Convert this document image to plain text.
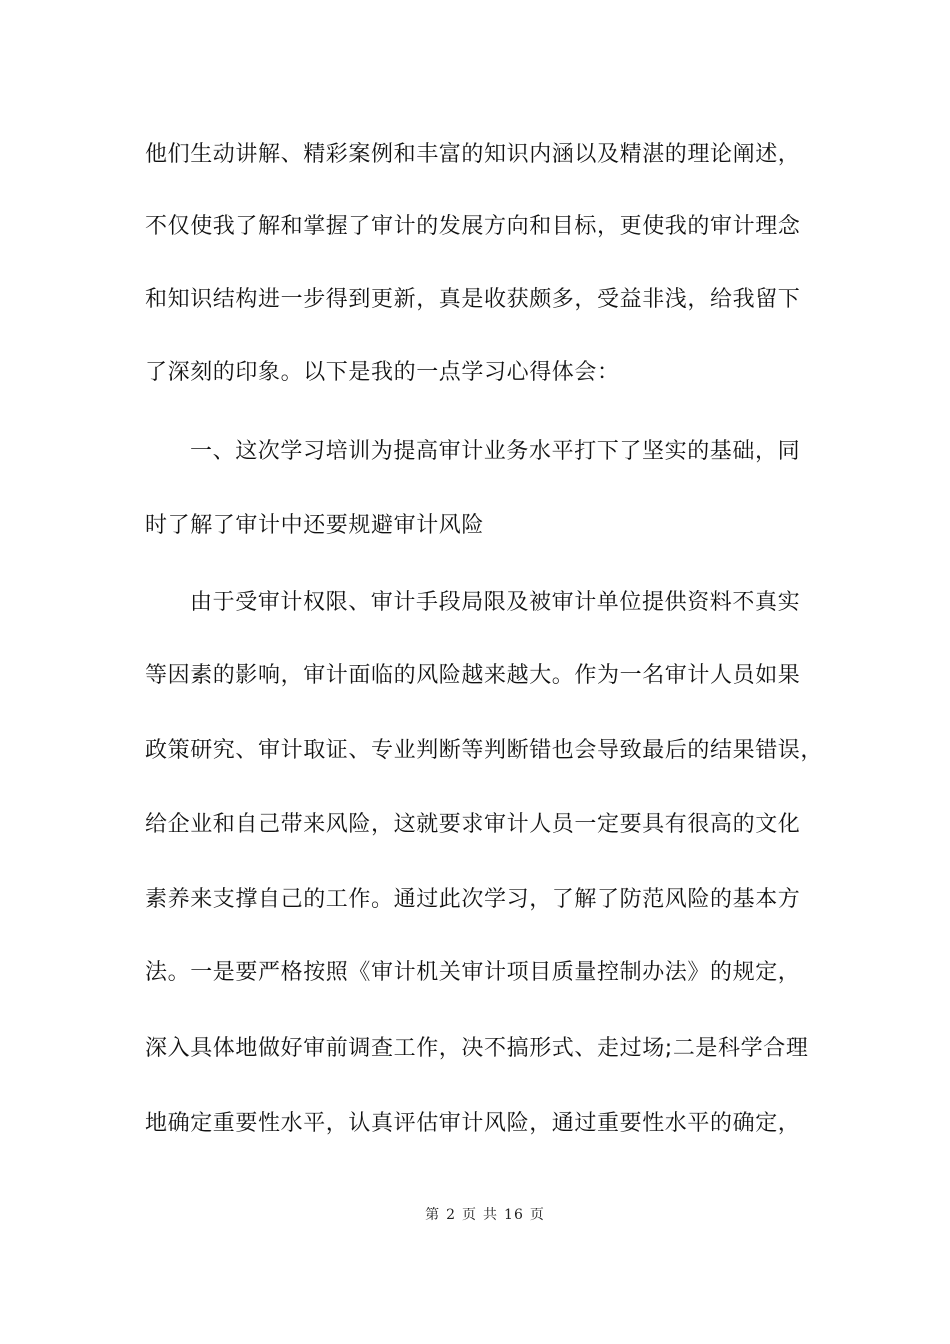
他们生动讲解、精彩案例和丰富的知识内涵以及精湛的理论阐述，
不仅使我了解和掌握了审计的发展方向和目标，更使我的审计理念
和知识结构进一步得到更新，真是收获颇多，受益非浅，给我留下
了深刻的印象。以下是我的一点学习心得体会：
一、这次学习培训为提高审计业务水平打下了坚实的基础，同
时了解了审计中还要规避审计风险
由于受审计权限、审计手段局限及被审计单位提供资料不真实
等因素的影响，审计面临的风险越来越大。作为一名审计人员如果
政策研究、审计取证、专业判断等判断错也会导致最后的结果错误，
给企业和自己带来风险，这就要求审计人员一定要具有很高的文化
素养来支撑自己的工作。通过此次学习，了解了防范风险的基本方
法。一是要严格按照《审计机关审计项目质量控制办法》的规定，
深入具体地做好审前调查工作，决不搞形式、走过场;二是科学合理
地确定重要性水平，认真评估审计风险，通过重要性水平的确定，
第 2 页 共 16 页
